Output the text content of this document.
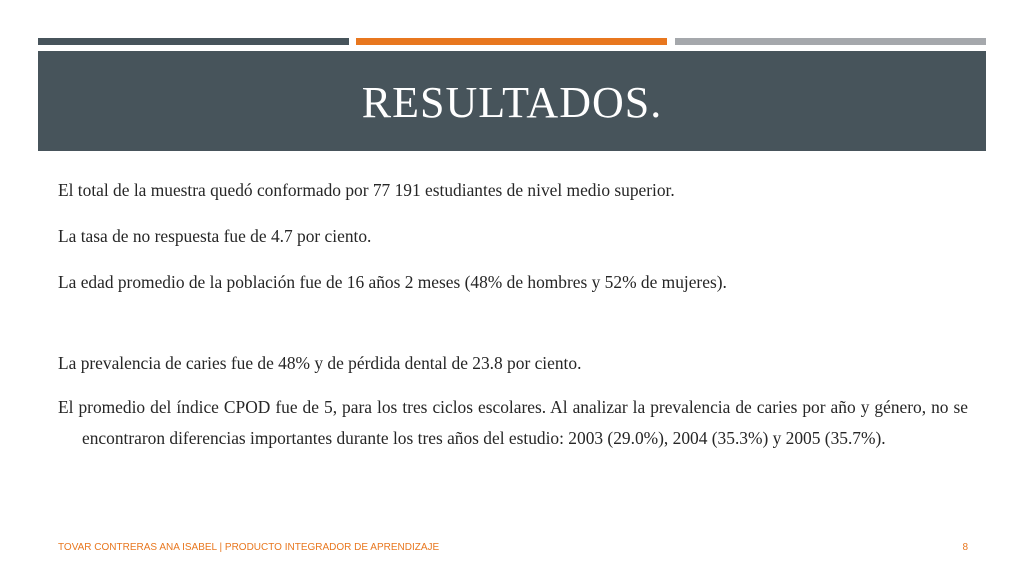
RESULTADOS.

El total de la muestra quedó conformado por 77 191 estudiantes de nivel medio superior.

La tasa de no respuesta fue de 4.7 por ciento.

La edad promedio de la población fue de 16 años 2 meses (48% de hombres y 52% de mujeres).

La prevalencia de caries fue de 48% y de pérdida dental de 23.8 por ciento.

El promedio del índice CPOD fue de 5, para los tres ciclos escolares. Al analizar la prevalencia de caries por año y género, no se encontraron diferencias importantes durante los tres años del estudio: 2003 (29.0%), 2004 (35.3%) y 2005 (35.7%).

TOVAR CONTRERAS ANA ISABEL | PRODUCTO INTEGRADOR DE APRENDIZAJE	8
